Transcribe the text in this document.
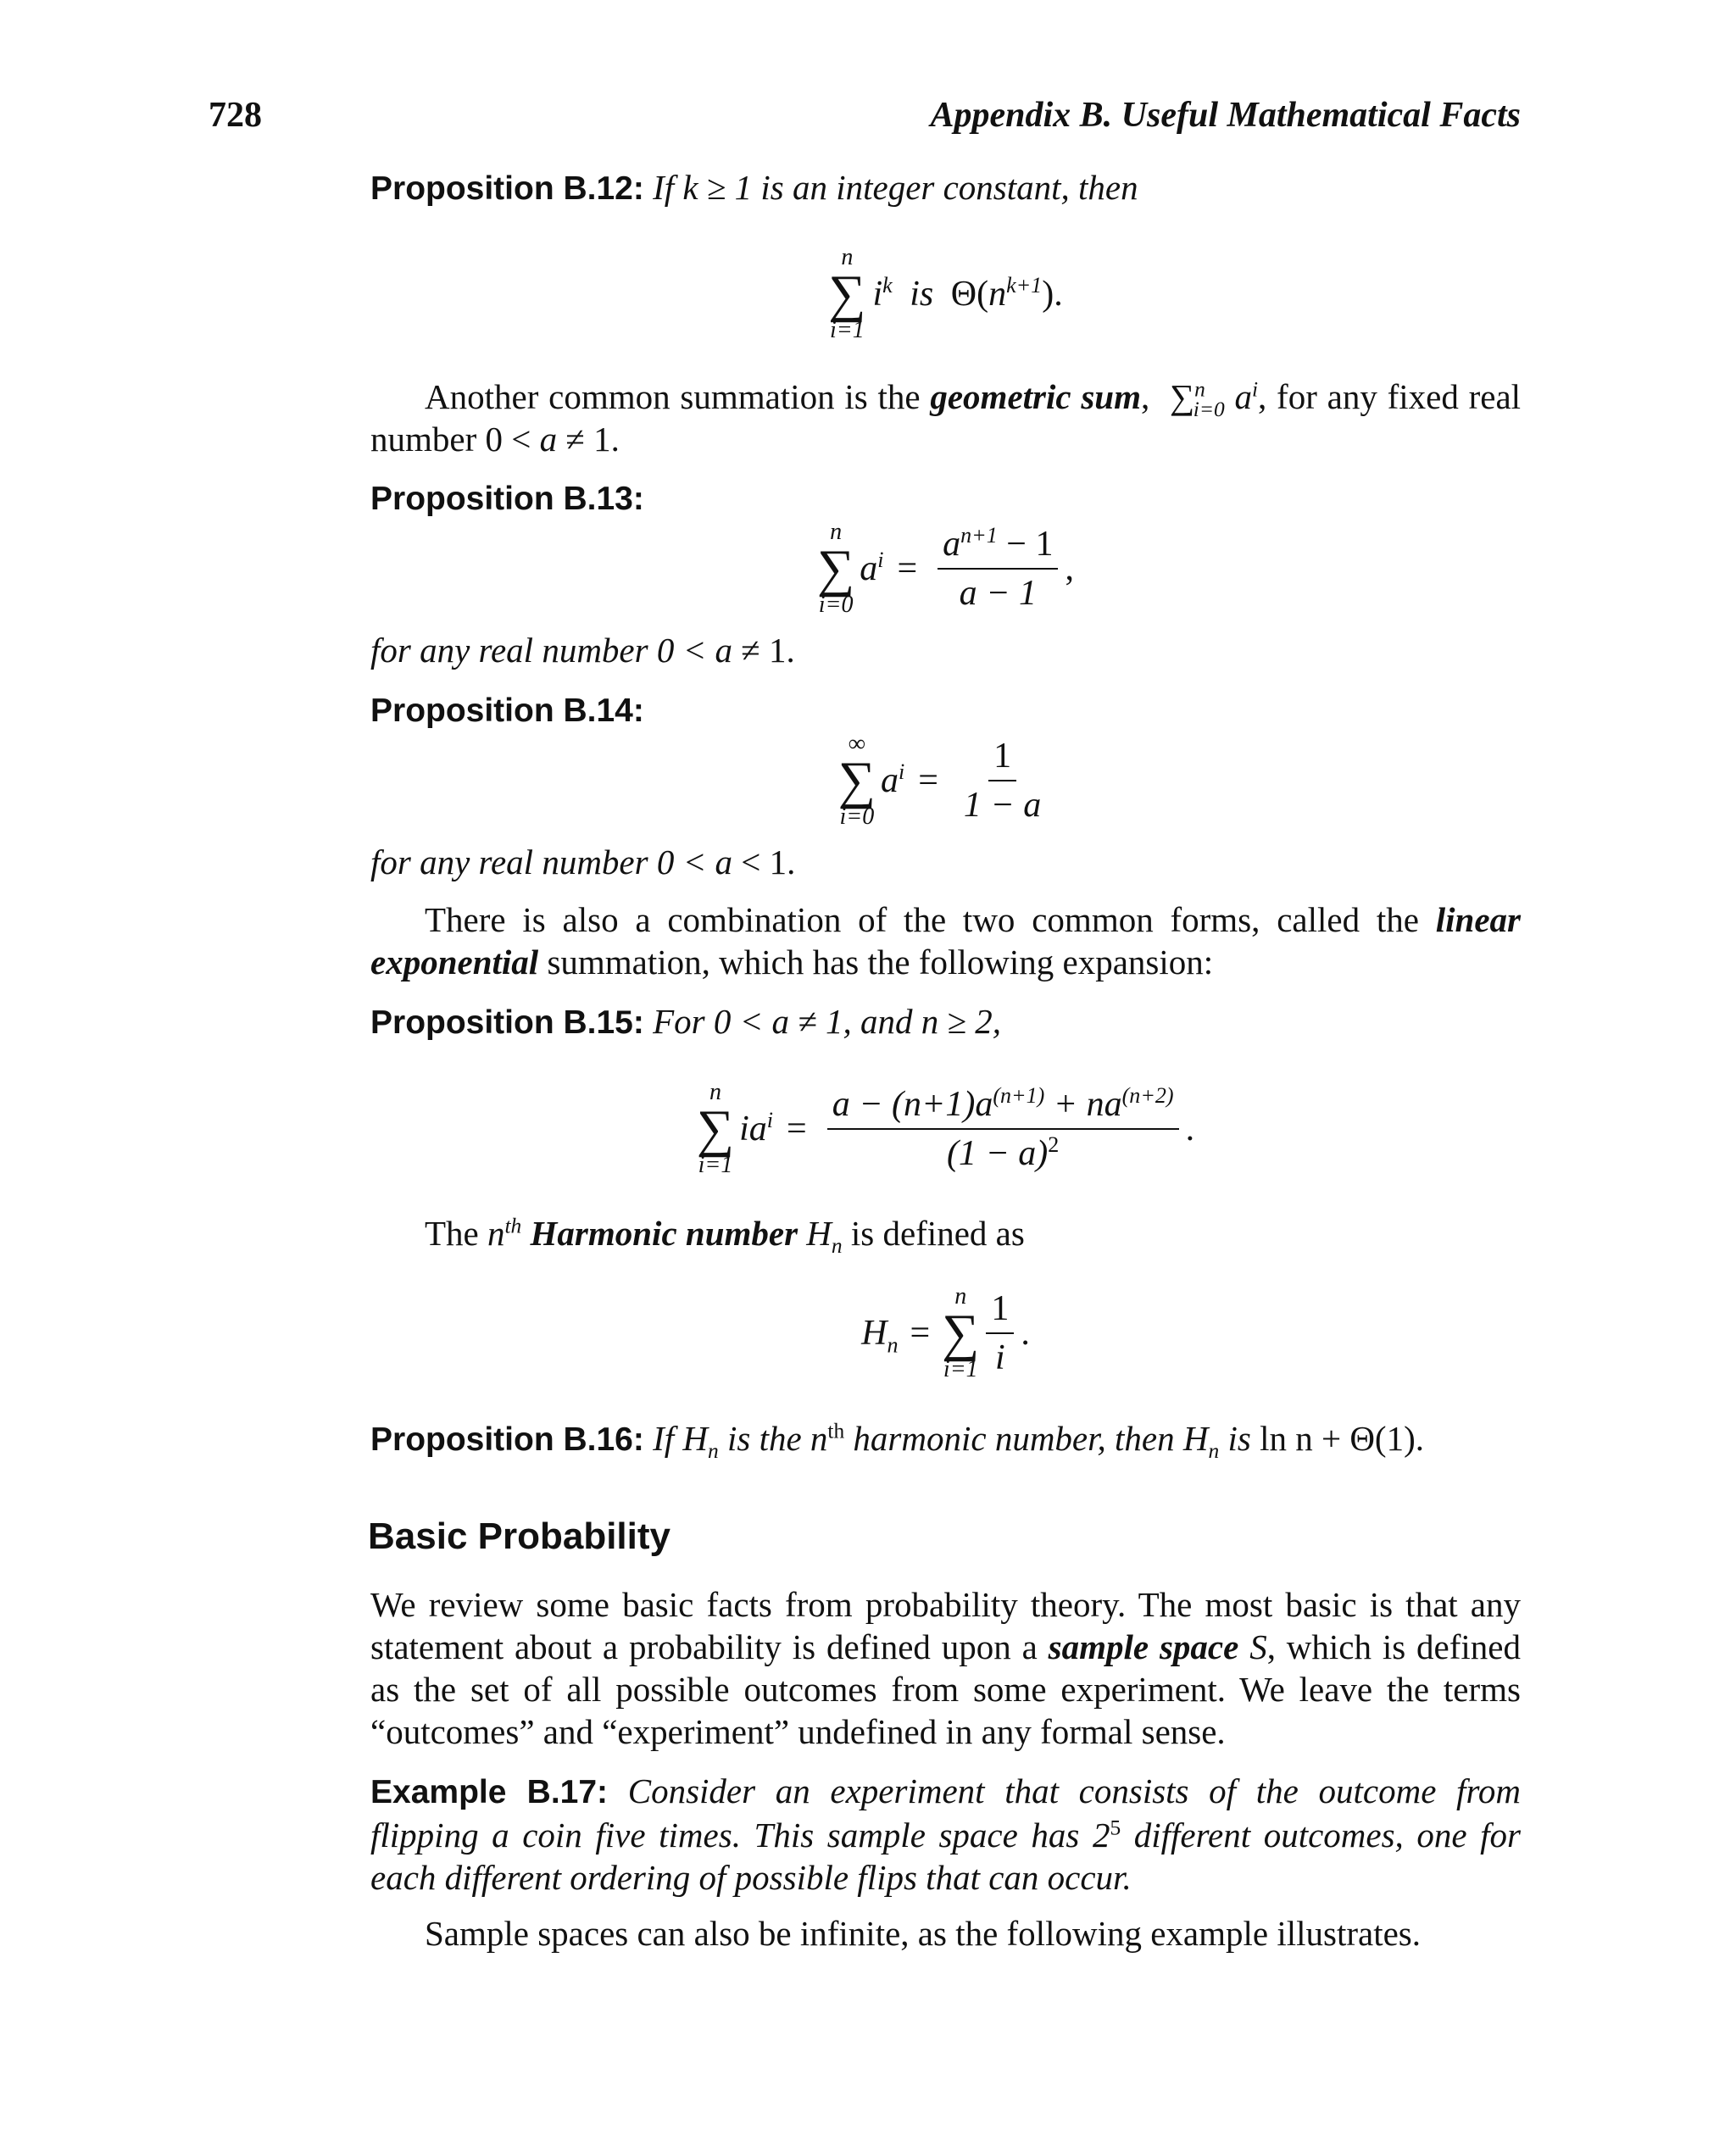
728	Appendix B. Useful Mathematical Facts
Proposition B.12: If k ≥ 1 is an integer constant, then
n
∑
i=1
$i^k$ is $\Theta(n^{k+1})$.
Another common summation is the geometric sum,  ∑$^n_{i=0}$ $a^i$, for any fixed real number 0 < a ≠ 1.
Proposition B.13:
n
∑
i=0
$a^i = \frac{a^{n+1} - 1}{a - 1}$ ,
for any real number 0 < a ≠ 1.
Proposition B.14:
∞
∑
i=0
$a^i = \frac{1}{1 - a}$
for any real number 0 < a < 1.
There is also a combination of the two common forms, called the linear exponential summation, which has the following expansion:
Proposition B.15: For 0 < a ≠ 1, and n ≥ 2,
n
∑
i=1
$ia^i = \frac{a - (n+1)a^{(n+1)} + na^{(n+2)}}{(1 - a)^2}$ .
The $n^{th}$ Harmonic number $H_n$ is defined as
$H_n$ =
n
∑
$i=1 \frac{1}{i}$ .
Proposition B.16: If $H_n$ is the $n^{th}$ harmonic number, then $H_n$ is ln n + Θ(1).
Basic Probability
We review some basic facts from probability theory. The most basic is that any statement about a probability is defined upon a sample space S, which is defined as the set of all possible outcomes from some experiment. We leave the terms “outcomes” and “experiment” undefined in any formal sense.
Example B.17: Consider an experiment that consists of the outcome from flipping a coin five times. This sample space has $2^5$ different outcomes, one for each different ordering of possible flips that can occur.
Sample spaces can also be infinite, as the following example illustrates.
